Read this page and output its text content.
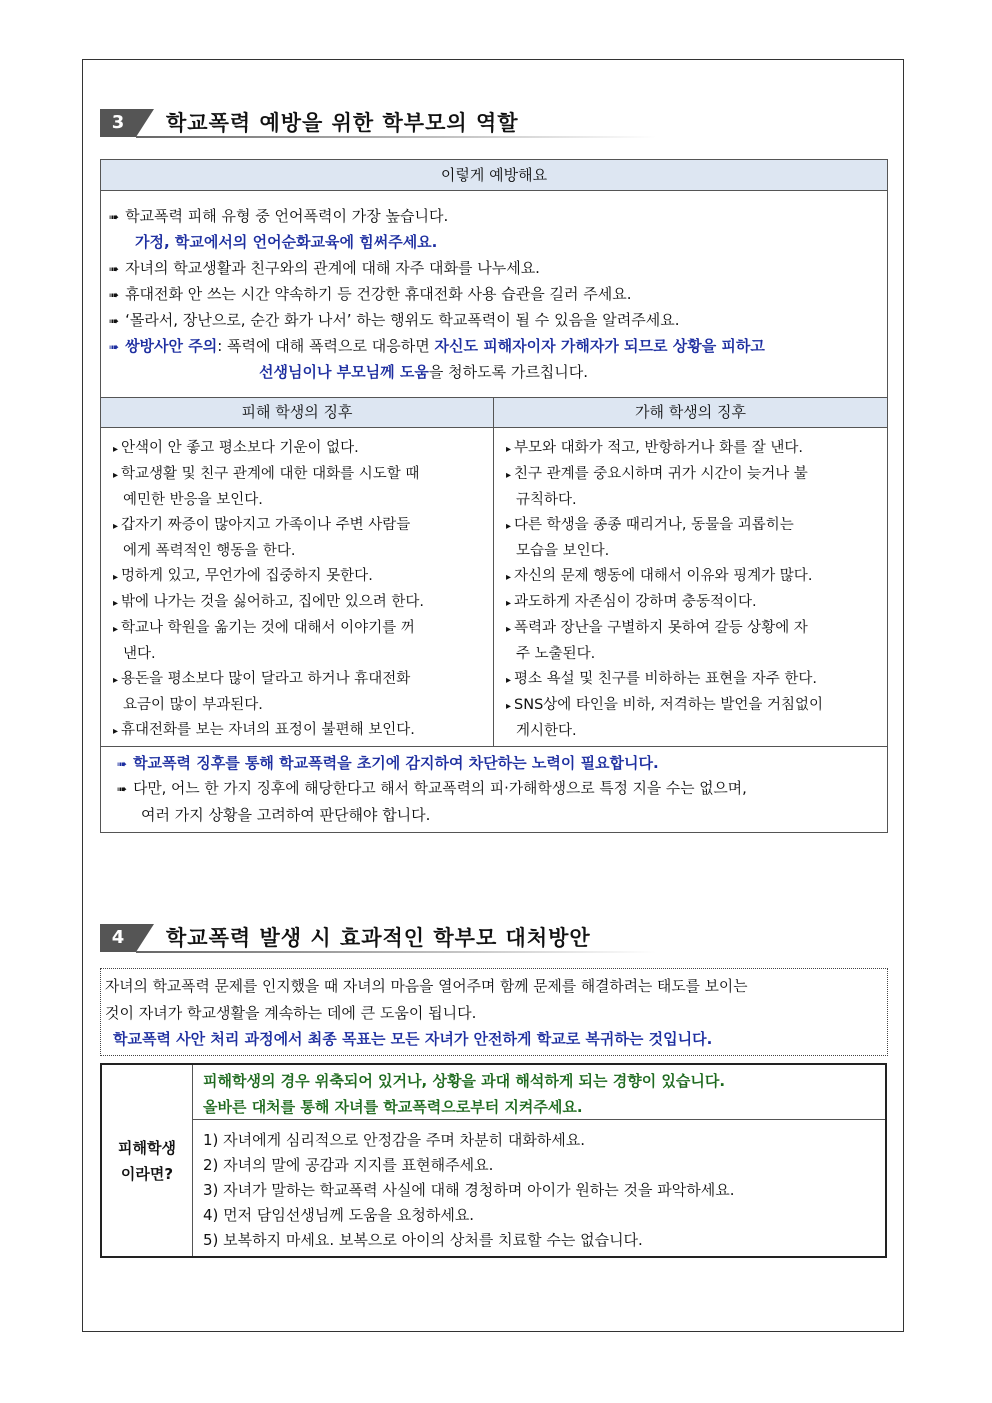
3	학교폭력 예방을 위한 학부모의 역할
이렇게 예방해요
➠ 학교폭력 피해 유형 중 언어폭력이 가장 높습니다.
가정, 학교에서의 언어순화교육에 힘써주세요.
➠ 자녀의 학교생활과 친구와의 관계에 대해 자주 대화를 나누세요.
➠ 휴대전화 안 쓰는 시간 약속하기 등 건강한 휴대전화 사용 습관을 길러 주세요.
➠ ‘몰라서, 장난으로, 순간 화가 나서’ 하는 행위도 학교폭력이 될 수 있음을 알려주세요.
➠ 쌍방사안 주의: 폭력에 대해 폭력으로 대응하면 자신도 피해자이자 가해자가 되므로 상황을 피하고
선생님이나 부모님께 도움을 청하도록 가르칩니다.
피해 학생의 징후
▸ 안색이 안 좋고 평소보다 기운이 없다.
▸ 학교생활 및 친구 관계에 대한 대화를 시도할 때
예민한 반응을 보인다.
▸ 갑자기 짜증이 많아지고 가족이나 주변 사람들
에게 폭력적인 행동을 한다.
▸ 멍하게 있고, 무언가에 집중하지 못한다.
▸ 밖에 나가는 것을 싫어하고, 집에만 있으려 한다.
▸ 학교나 학원을 옮기는 것에 대해서 이야기를 꺼
낸다.
▸ 용돈을 평소보다 많이 달라고 하거나 휴대전화
요금이 많이 부과된다.
▸ 휴대전화를 보는 자녀의 표정이 불편해 보인다.
가해 학생의 징후
▸ 부모와 대화가 적고, 반항하거나 화를 잘 낸다.
▸ 친구 관계를 중요시하며 귀가 시간이 늦거나 불
규칙하다.
▸ 다른 학생을 종종 때리거나, 동물을 괴롭히는
모습을 보인다.
▸ 자신의 문제 행동에 대해서 이유와 핑계가 많다.
▸ 과도하게 자존심이 강하며 충동적이다.
▸ 폭력과 장난을 구별하지 못하여 갈등 상황에 자
주 노출된다.
▸ 평소 욕설 및 친구를 비하하는 표현을 자주 한다.
▸ SNS상에 타인을 비하, 저격하는 발언을 거침없이
게시한다.
➠ 학교폭력 징후를 통해 학교폭력을 초기에 감지하여 차단하는 노력이 필요합니다.
➠ 다만, 어느 한 가지 징후에 해당한다고 해서 학교폭력의 피·가해학생으로 특정 지을 수는 없으며,
여러 가지 상황을 고려하여 판단해야 합니다.
4	학교폭력 발생 시 효과적인 학부모 대처방안
자녀의 학교폭력 문제를 인지했을 때 자녀의 마음을 열어주며 함께 문제를 해결하려는 태도를 보이는
것이 자녀가 학교생활을 계속하는 데에 큰 도움이 됩니다.
학교폭력 사안 처리 과정에서 최종 목표는 모든 자녀가 안전하게 학교로 복귀하는 것입니다.
피해학생
이라면?
피해학생의 경우 위축되어 있거나, 상황을 과대 해석하게 되는 경향이 있습니다.
올바른 대처를 통해 자녀를 학교폭력으로부터 지켜주세요.
1) 자녀에게 심리적으로 안정감을 주며 차분히 대화하세요.
2) 자녀의 말에 공감과 지지를 표현해주세요.
3) 자녀가 말하는 학교폭력 사실에 대해 경청하며 아이가 원하는 것을 파악하세요.
4) 먼저 담임선생님께 도움을 요청하세요.
5) 보복하지 마세요. 보복으로 아이의 상처를 치료할 수는 없습니다.
